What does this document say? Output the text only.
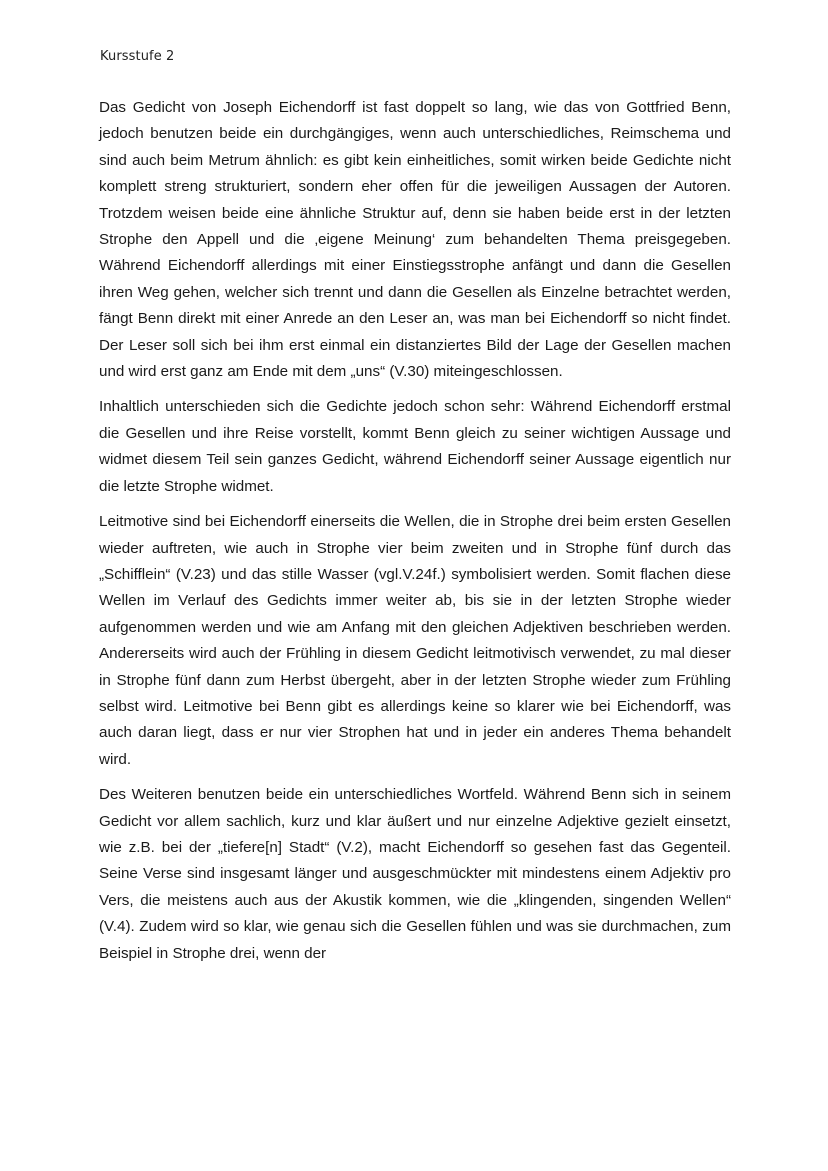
Kursstufe 2

Das Gedicht von Joseph Eichendorff ist fast doppelt so lang, wie das von Gottfried Benn, jedoch benutzen beide ein durchgängiges, wenn auch unterschiedliches, Reimschema und sind auch beim Metrum ähnlich: es gibt kein einheitliches, somit wirken beide Gedichte nicht komplett streng strukturiert, sondern eher offen für die jeweiligen Aussagen der Autoren. Trotzdem weisen beide eine ähnliche Struktur auf, denn sie haben beide erst in der letzten Strophe den Appell und die ‚eigene Meinung‘ zum behandelten Thema preisgegeben. Während Eichendorff allerdings mit einer Einstiegsstrophe anfängt und dann die Gesellen ihren Weg gehen, welcher sich trennt und dann die Gesellen als Einzelne betrachtet werden, fängt Benn direkt mit einer Anrede an den Leser an, was man bei Eichendorff so nicht findet. Der Leser soll sich bei ihm erst einmal ein distanziertes Bild der Lage der Gesellen machen und wird erst ganz am Ende mit dem „uns“ (V.30) miteingeschlossen.

Inhaltlich unterschieden sich die Gedichte jedoch schon sehr: Während Eichendorff erstmal die Gesellen und ihre Reise vorstellt, kommt Benn gleich zu seiner wichtigen Aussage und widmet diesem Teil sein ganzes Gedicht, während Eichendorff seiner Aussage eigentlich nur die letzte Strophe widmet.

Leitmotive sind bei Eichendorff einerseits die Wellen, die in Strophe drei beim ersten Gesellen wieder auftreten, wie auch in Strophe vier beim zweiten und in Strophe fünf durch das „Schifflein“ (V.23) und das stille Wasser (vgl.V.24f.) symbolisiert werden. Somit flachen diese Wellen im Verlauf des Gedichts immer weiter ab, bis sie in der letzten Strophe wieder aufgenommen werden und wie am Anfang mit den gleichen Adjektiven beschrieben werden. Andererseits wird auch der Frühling in diesem Gedicht leitmotivisch verwendet, zu mal dieser in Strophe fünf dann zum Herbst übergeht, aber in der letzten Strophe wieder zum Frühling selbst wird. Leitmotive bei Benn gibt es allerdings keine so klarer wie bei Eichendorff, was auch daran liegt, dass er nur vier Strophen hat und in jeder ein anderes Thema behandelt wird.

Des Weiteren benutzen beide ein unterschiedliches Wortfeld. Während Benn sich in seinem Gedicht vor allem sachlich, kurz und klar äußert und nur einzelne Adjektive gezielt einsetzt, wie z.B. bei der „tiefere[n] Stadt“ (V.2), macht Eichendorff so gesehen fast das Gegenteil. Seine Verse sind insgesamt länger und ausgeschmückter mit mindestens einem Adjektiv pro Vers, die meistens auch aus der Akustik kommen, wie die „klingenden, singenden Wellen“ (V.4). Zudem wird so klar, wie genau sich die Gesellen fühlen und was sie durchmachen, zum Beispiel in Strophe drei, wenn der
